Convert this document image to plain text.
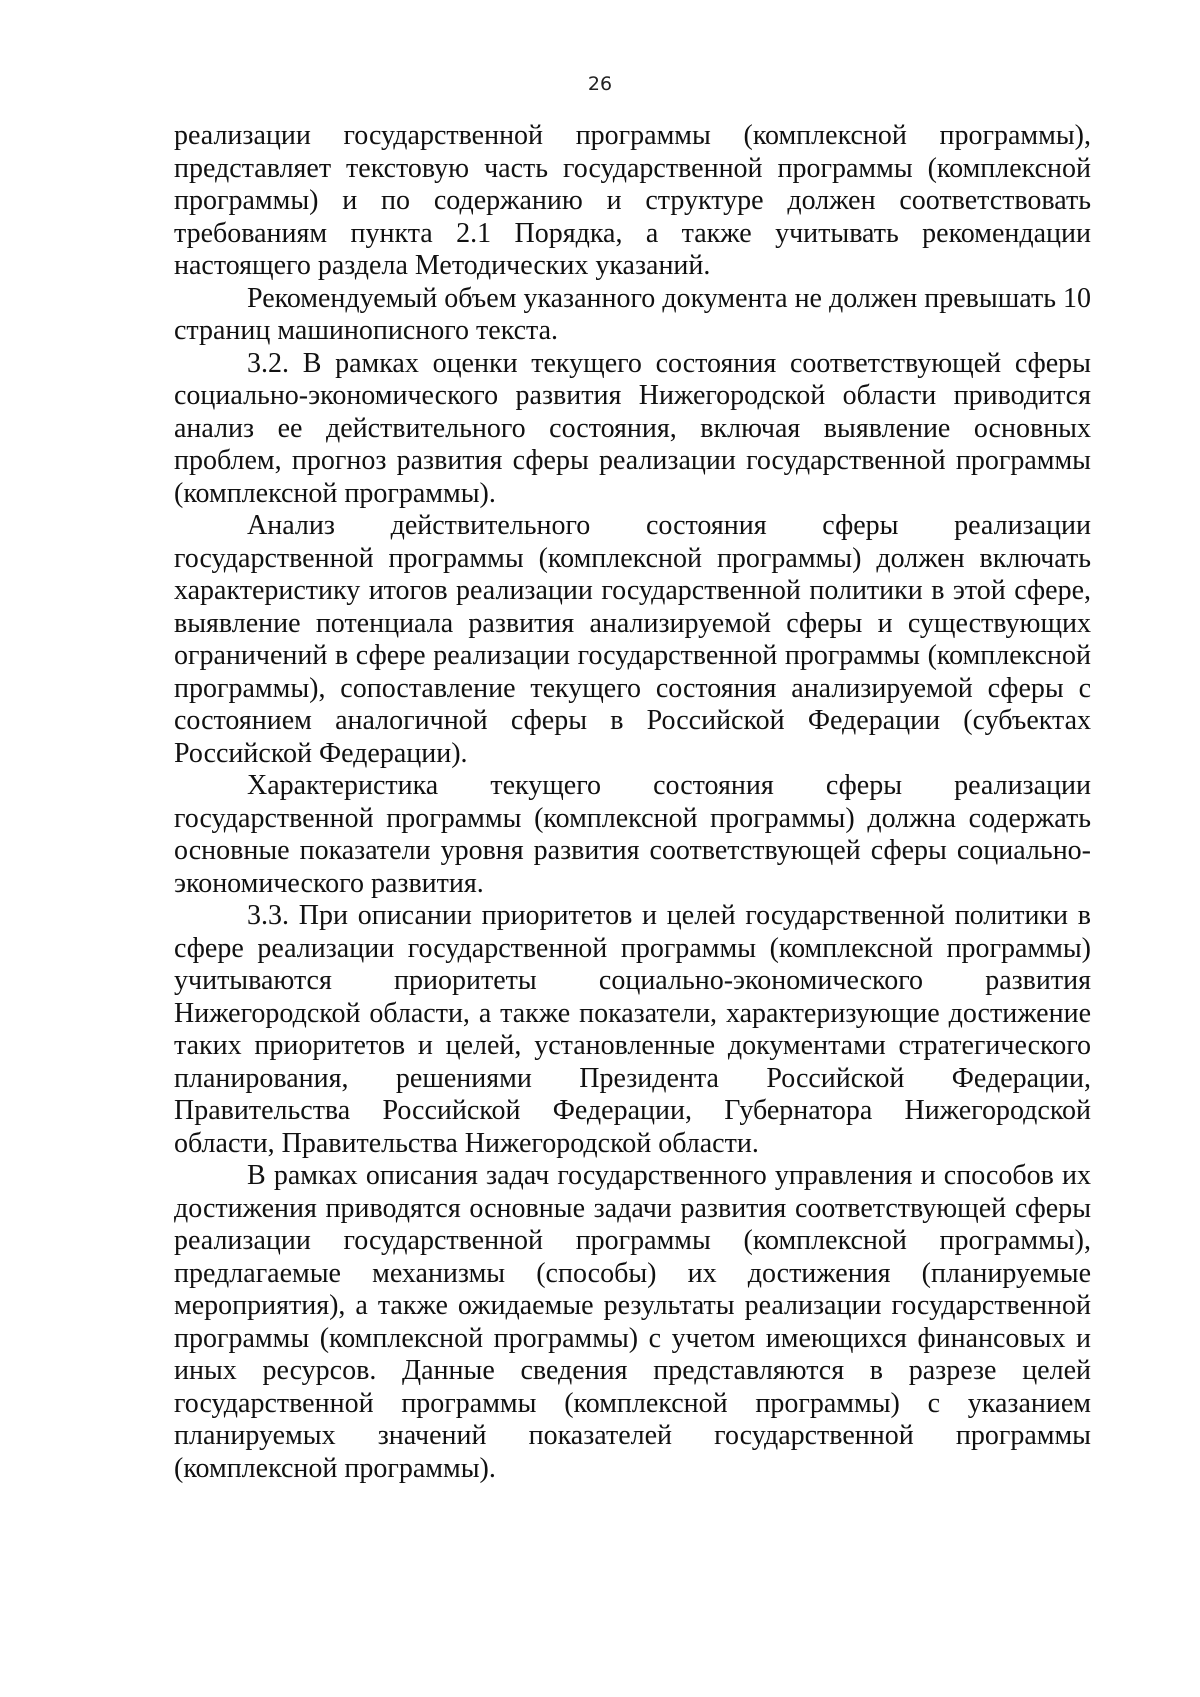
26

реализации государственной программы (комплексной программы), представляет текстовую часть государственной программы (комплексной программы) и по содержанию и структуре должен соответствовать требованиям пункта 2.1 Порядка, а также учитывать рекомендации настоящего раздела Методических указаний.

Рекомендуемый объем указанного документа не должен превышать 10 страниц машинописного текста.

3.2. В рамках оценки текущего состояния соответствующей сферы социально-экономического развития Нижегородской области приводится анализ ее действительного состояния, включая выявление основных проблем, прогноз развития сферы реализации государственной программы (комплексной программы).

Анализ действительного состояния сферы реализации государственной программы (комплексной программы) должен включать характеристику итогов реализации государственной политики в этой сфере, выявление потенциала развития анализируемой сферы и существующих ограничений в сфере реализации государственной программы (комплексной программы), сопоставление текущего состояния анализируемой сферы с состоянием аналогичной сферы в Российской Федерации (субъектах Российской Федерации).

Характеристика текущего состояния сферы реализации государственной программы (комплексной программы) должна содержать основные показатели уровня развития соответствующей сферы социально-экономического развития.

3.3. При описании приоритетов и целей государственной политики в сфере реализации государственной программы (комплексной программы) учитываются приоритеты социально-экономического развития Нижегородской области, а также показатели, характеризующие достижение таких приоритетов и целей, установленные документами стратегического планирования, решениями Президента Российской Федерации, Правительства Российской Федерации, Губернатора Нижегородской области, Правительства Нижегородской области.

В рамках описания задач государственного управления и способов их достижения приводятся основные задачи развития соответствующей сферы реализации государственной программы (комплексной программы), предлагаемые механизмы (способы) их достижения (планируемые мероприятия), а также ожидаемые результаты реализации государственной программы (комплексной программы) с учетом имеющихся финансовых и иных ресурсов. Данные сведения представляются в разрезе целей государственной программы (комплексной программы) с указанием планируемых значений показателей государственной программы (комплексной программы).
